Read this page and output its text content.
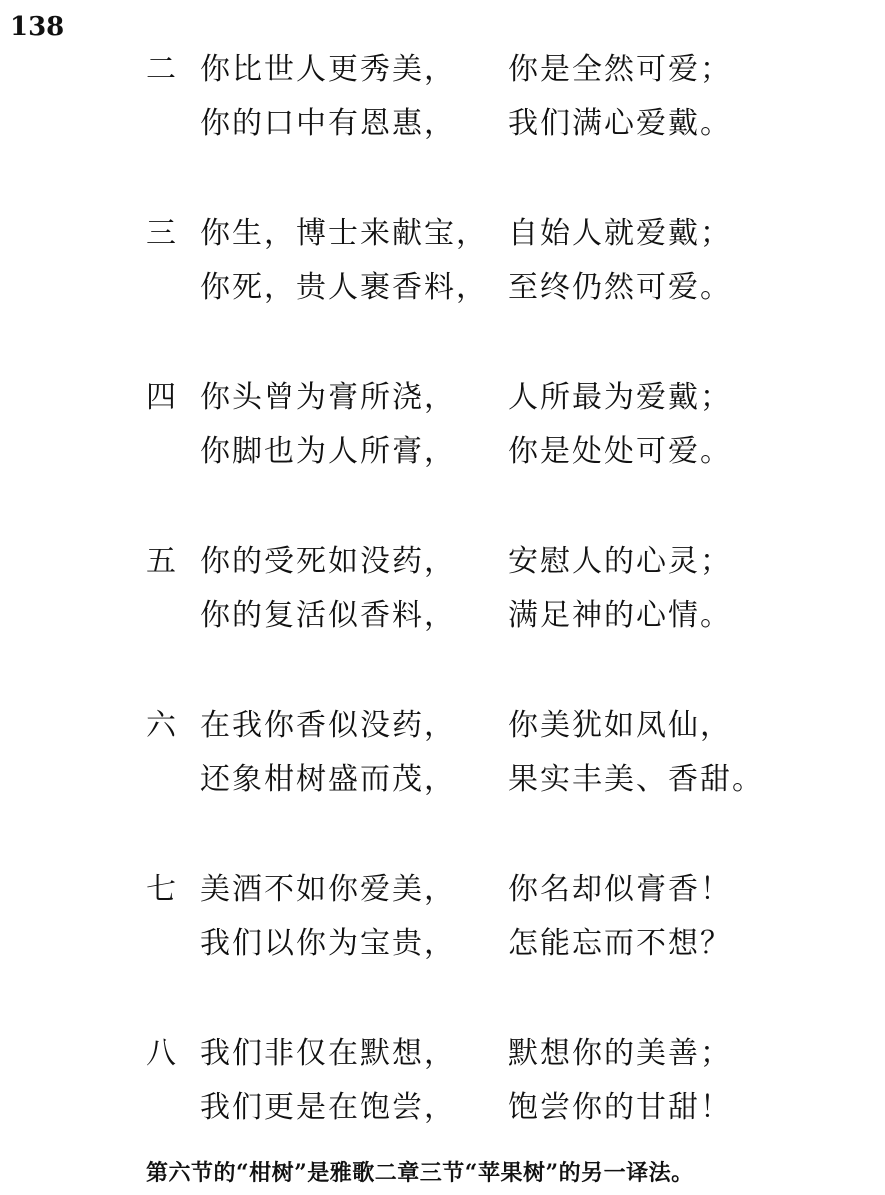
138
二 你比世人更秀美， 你是全然可爱；
你的口中有恩惠， 我们满心爱戴。
三 你生，博士来献宝， 自始人就爱戴；
你死，贵人裹香料， 至终仍然可爱。
四 你头曾为膏所浇， 人所最为爱戴；
你脚也为人所膏， 你是处处可爱。
五 你的受死如没药， 安慰人的心灵；
你的复活似香料， 满足神的心情。
六 在我你香似没药， 你美犹如凤仙，
还象柑树盛而茂， 果实丰美、香甜。
七 美酒不如你爱美， 你名却似膏香！
我们以你为宝贵， 怎能忘而不想？
八 我们非仅在默想， 默想你的美善；
我们更是在饱尝， 饱尝你的甘甜！
第六节的“柑树”是雅歌二章三节“苹果树”的另一译法。
